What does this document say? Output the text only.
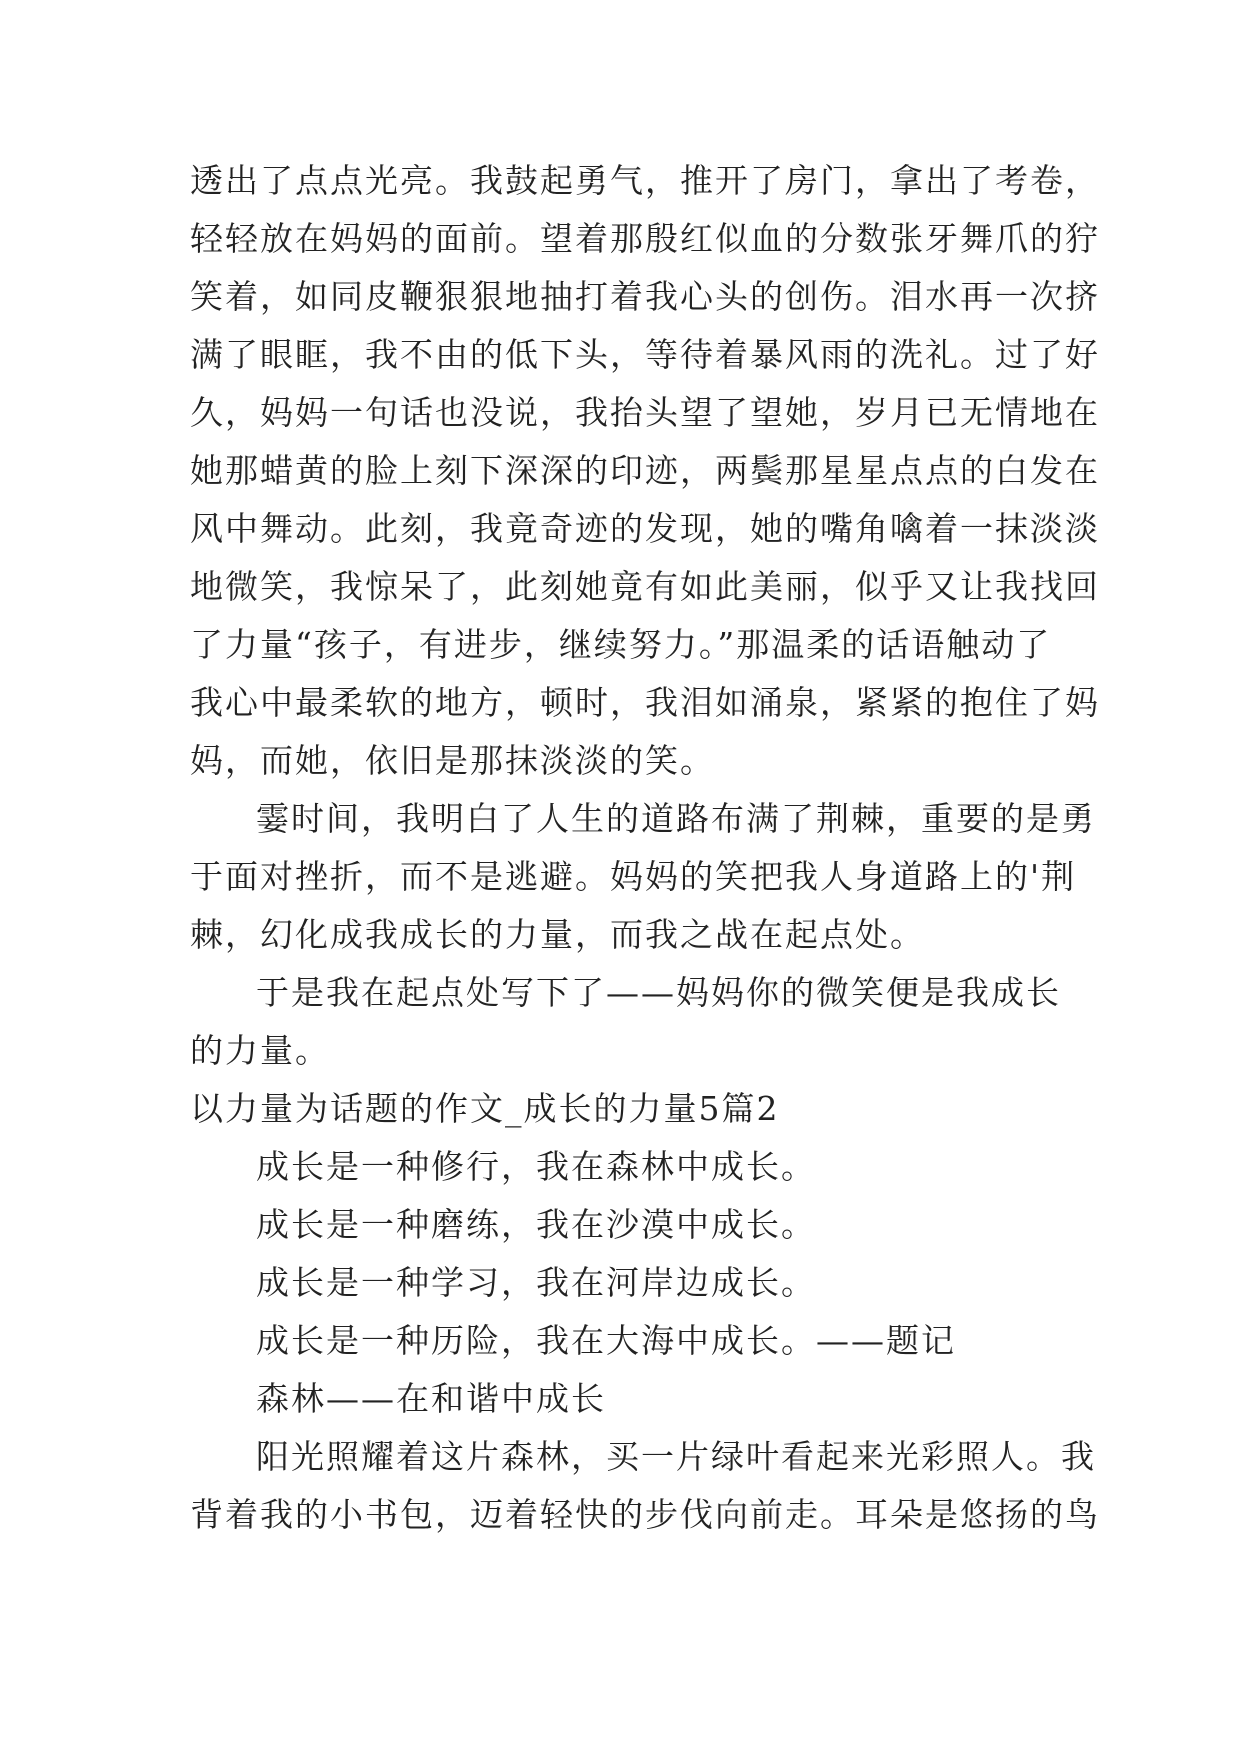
透出了点点光亮。我鼓起勇气，推开了房门，拿出了考卷，
轻轻放在妈妈的面前。望着那殷红似血的分数张牙舞爪的狞
笑着，如同皮鞭狠狠地抽打着我心头的创伤。泪水再一次挤
满了眼眶，我不由的低下头，等待着暴风雨的洗礼。过了好
久，妈妈一句话也没说，我抬头望了望她，岁月已无情地在
她那蜡黄的脸上刻下深深的印迹，两鬓那星星点点的白发在
风中舞动。此刻，我竟奇迹的发现，她的嘴角噙着一抹淡淡
地微笑，我惊呆了，此刻她竟有如此美丽，似乎又让我找回
了力量“孩子，有进步，继续努力。”那温柔的话语触动了
我心中最柔软的地方，顿时，我泪如涌泉，紧紧的抱住了妈
妈，而她，依旧是那抹淡淡的笑。
霎时间，我明白了人生的道路布满了荆棘，重要的是勇
于面对挫折，而不是逃避。妈妈的笑把我人身道路上的'荆
棘，幻化成我成长的力量，而我之战在起点处。
于是我在起点处写下了——妈妈你的微笑便是我成长
的力量。
以力量为话题的作文_成长的力量5篇2
成长是一种修行，我在森林中成长。
成长是一种磨练，我在沙漠中成长。
成长是一种学习，我在河岸边成长。
成长是一种历险，我在大海中成长。——题记
森林——在和谐中成长
阳光照耀着这片森林，买一片绿叶看起来光彩照人。我
背着我的小书包，迈着轻快的步伐向前走。耳朵是悠扬的鸟
